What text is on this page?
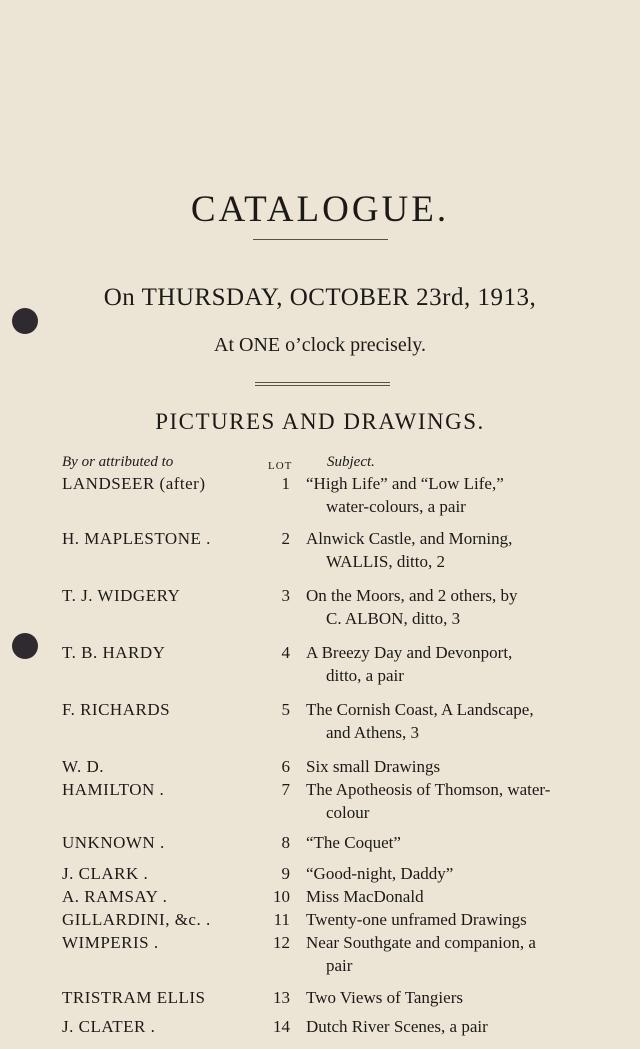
CATALOGUE.
On THURSDAY, OCTOBER 23rd, 1913,
At ONE o’clock precisely.
PICTURES AND DRAWINGS.
By or attributed to	LOT Subject.
LANDSEER (after)	1 “High Life” and “Low Life,”
water-colours, a pair
H. MAPLESTONE .	2 Alnwick Castle, and Morning,
WALLIS, ditto, 2
T. J. WIDGERY	3 On the Moors, and 2 others, by
C. ALBON, ditto, 3
T. B. HARDY	4 A Breezy Day and Devonport,
ditto, a pair
F. RICHARDS	5 The Cornish Coast, A Landscape,
and Athens, 3
W. D.	6 Six small Drawings
HAMILTON .	7 The Apotheosis of Thomson, water-
colour
UNKNOWN .	8 “The Coquet”
J. CLARK .	9 “Good-night, Daddy”
A. RAMSAY .	10 Miss MacDonald
GILLARDINI, &c. .	11 Twenty-one unframed Drawings
WIMPERIS .	12 Near Southgate and companion, a
pair
TRISTRAM ELLIS	13 Two Views of Tangiers
J. CLATER .	14 Dutch River Scenes, a pair
